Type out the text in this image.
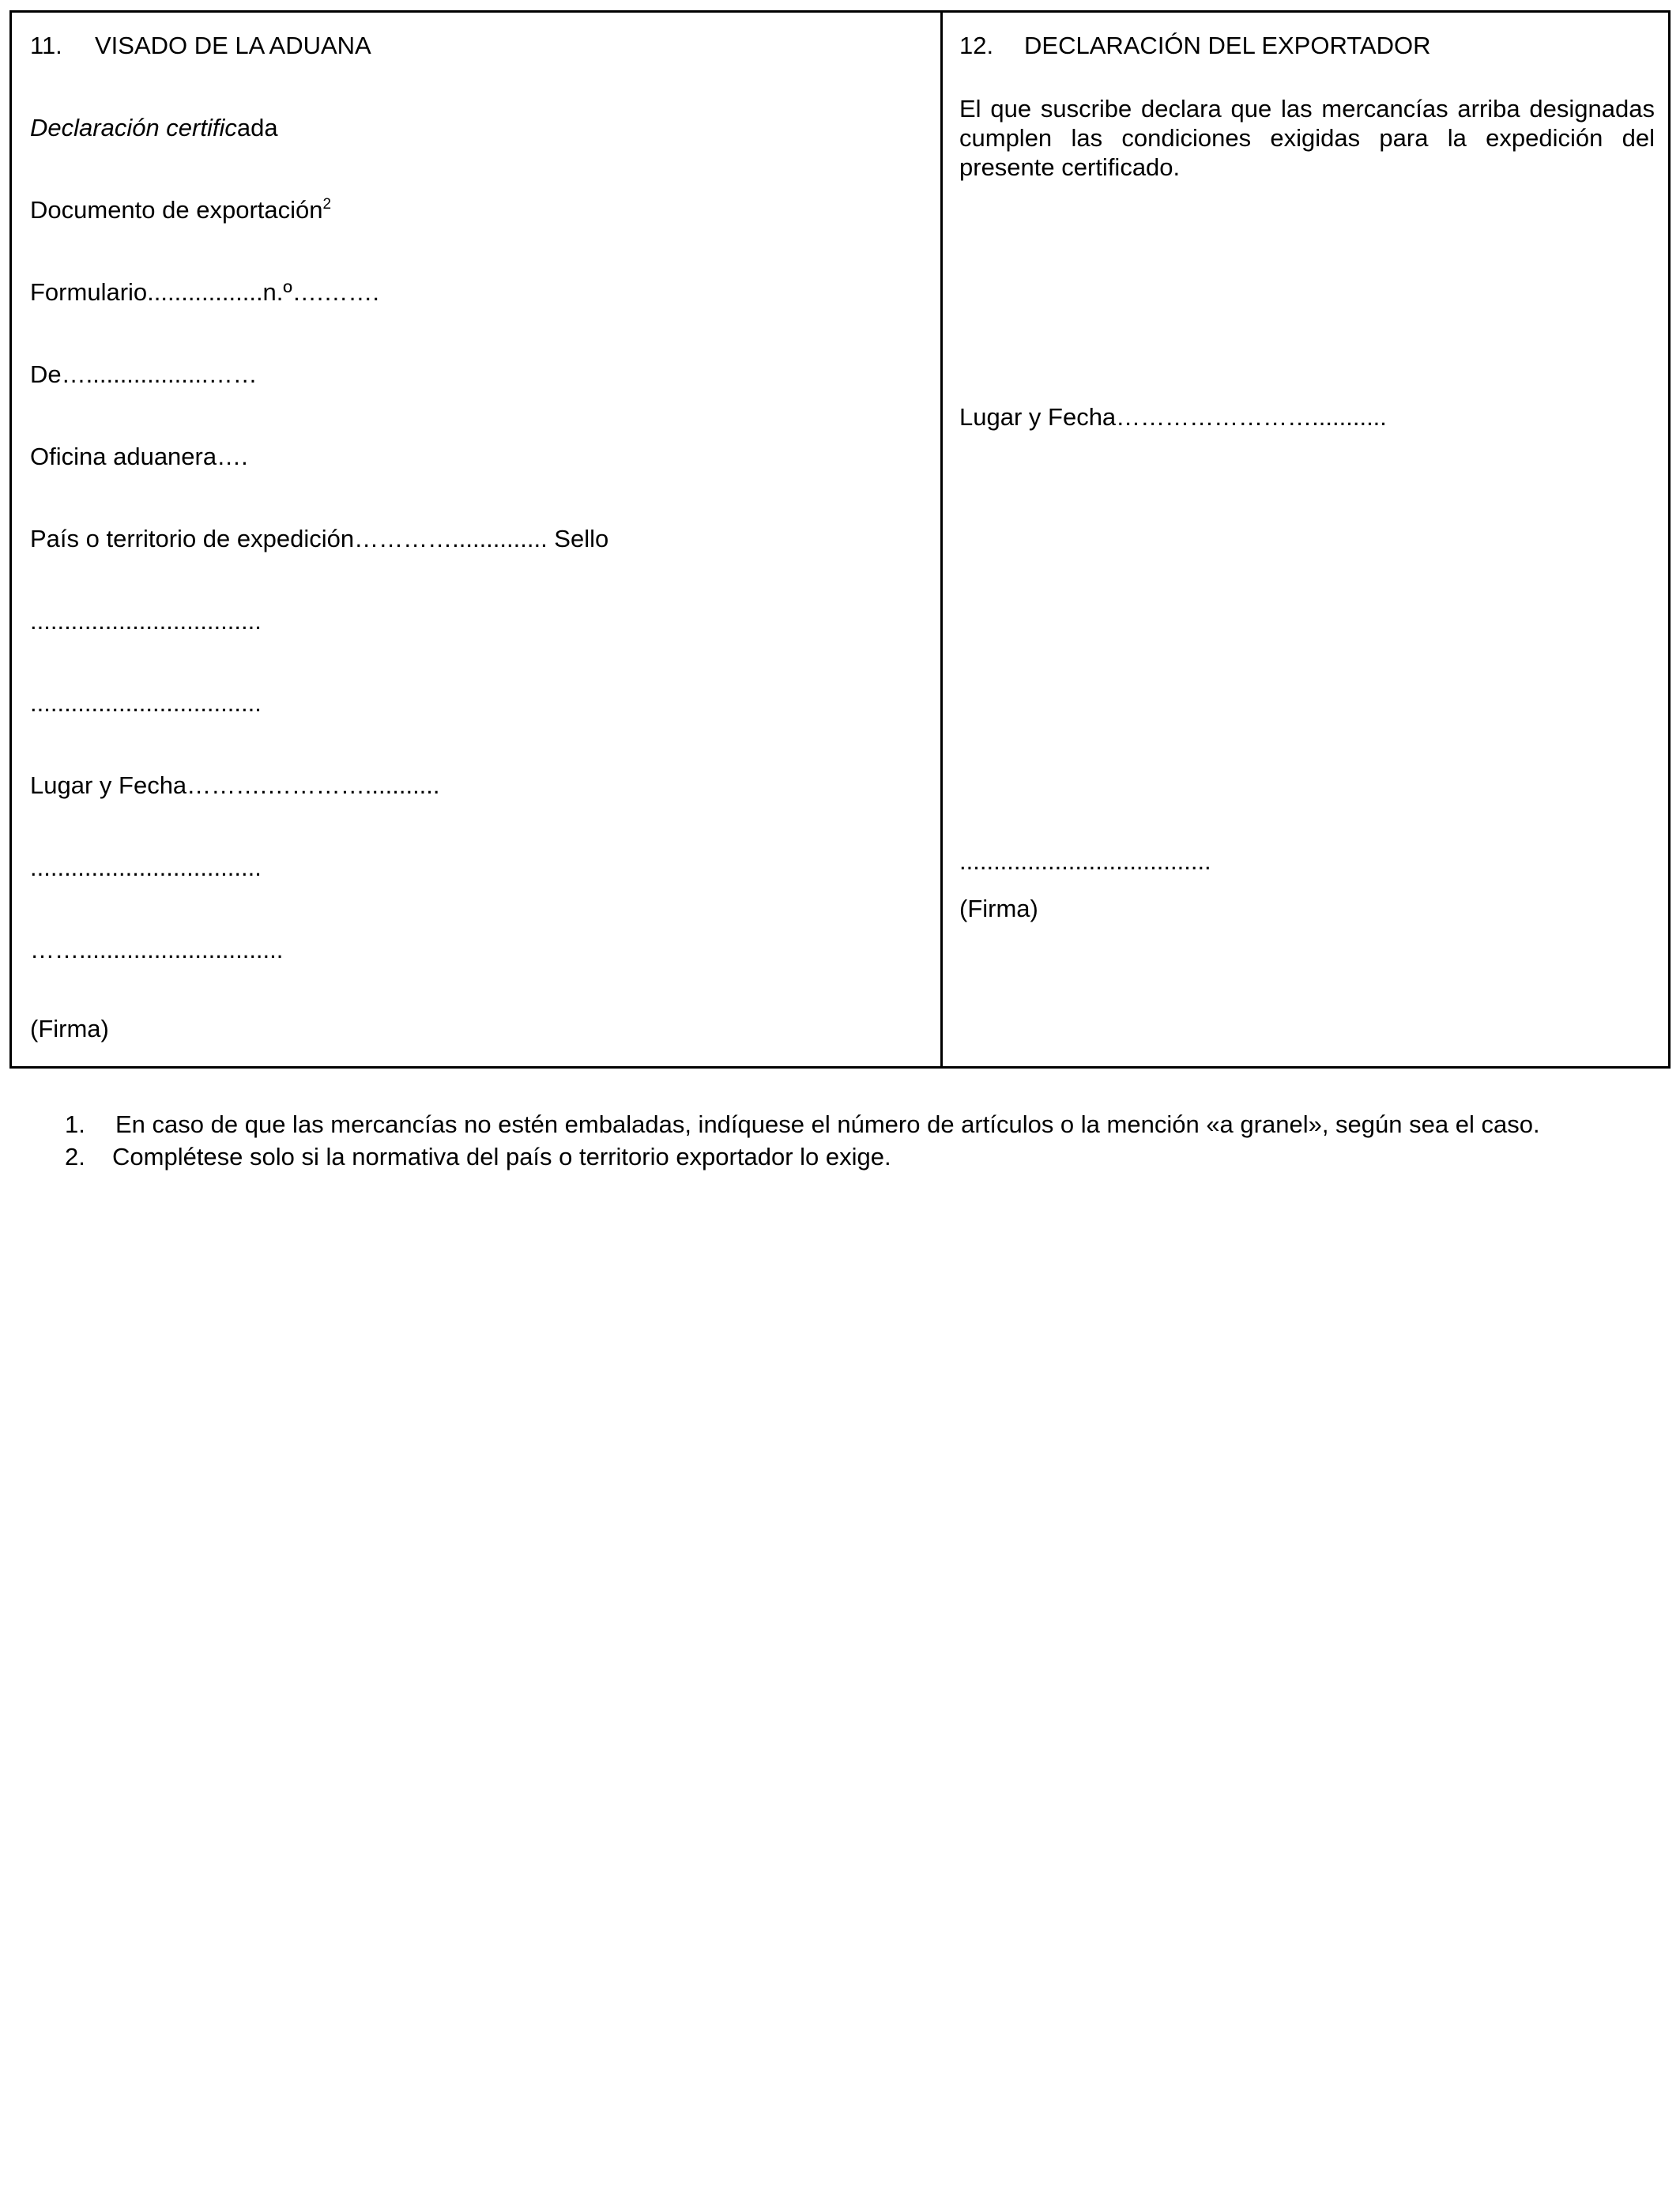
11. VISADO DE LA ADUANA
Declaración certificada
Documento de exportación$^2$
Formulario.................n.º….…….
De…..................……
Oficina aduanera….
País o territorio de expedición………….............. Sello
..................................
..................................
Lugar y Fecha……….…………...........
..................................
……..............................
(Firma)
12. DECLARACIÓN DEL EXPORTADOR
El que suscribe declara que las mercancías arriba designadas cumplen las condiciones exigidas para la expedición del presente certificado.
Lugar y Fecha……………………...........
.....................................
(Firma)
1. En caso de que las mercancías no estén embaladas, indíquese el número de artículos o la mención «a granel», según sea el caso.
2. Complétese solo si la normativa del país o territorio exportador lo exige.
